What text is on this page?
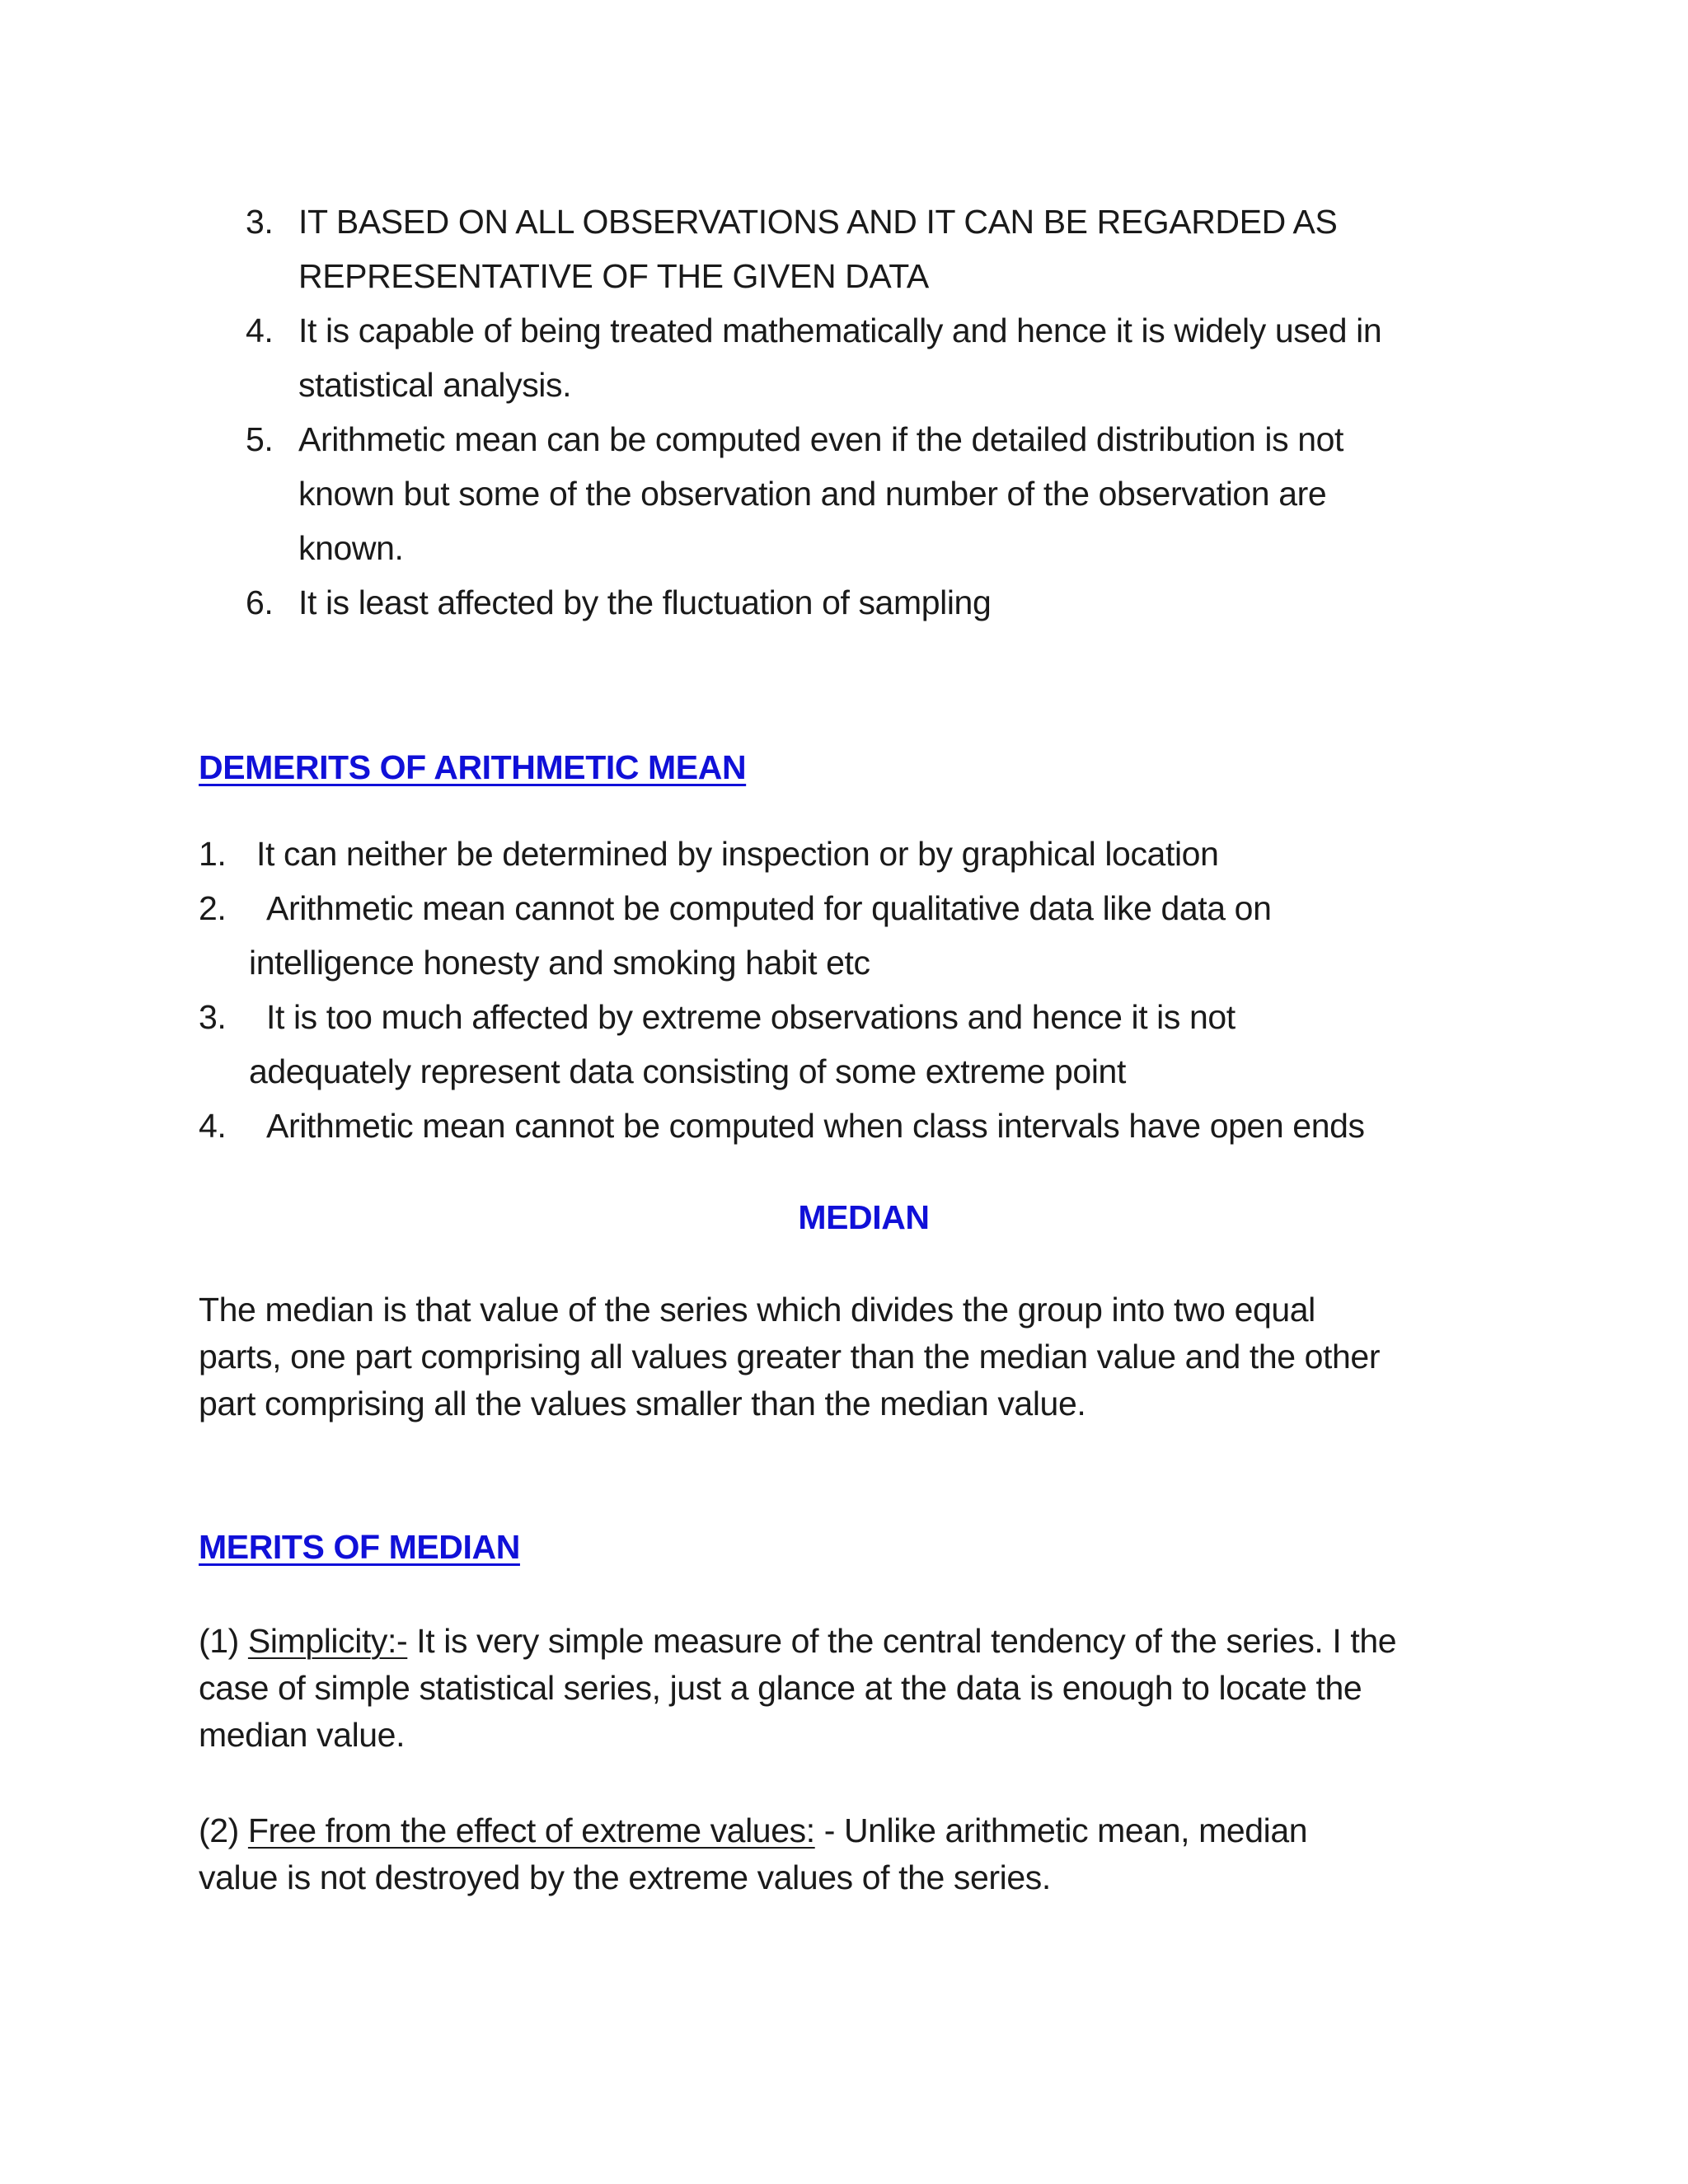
3. IT BASED ON ALL OBSERVATIONS AND IT CAN BE REGARDED AS
REPRESENTATIVE OF THE GIVEN DATA
4. It is capable of being treated mathematically and hence it is widely used in
statistical analysis.
5. Arithmetic mean can be computed even if the detailed distribution is not
known but some of the observation and number of the observation are
known.
6. It is least affected by the fluctuation of sampling
DEMERITS OF ARITHMETIC MEAN
1. It can neither be determined by inspection or by graphical location
2. Arithmetic mean cannot be computed for qualitative data like data on
intelligence honesty and smoking habit etc
3. It is too much affected by extreme observations and hence it is not
adequately represent data consisting of some extreme point
4. Arithmetic mean cannot be computed when class intervals have open ends
MEDIAN
The median is that value of the series which divides the group into two equal
parts, one part comprising all values greater than the median value and the other
part comprising all the values smaller than the median value.
MERITS OF MEDIAN
(1) Simplicity:- It is very simple measure of the central tendency of the series. I the
case of simple statistical series, just a glance at the data is enough to locate the
median value.
(2) Free from the effect of extreme values: - Unlike arithmetic mean, median
value is not destroyed by the extreme values of the series.
